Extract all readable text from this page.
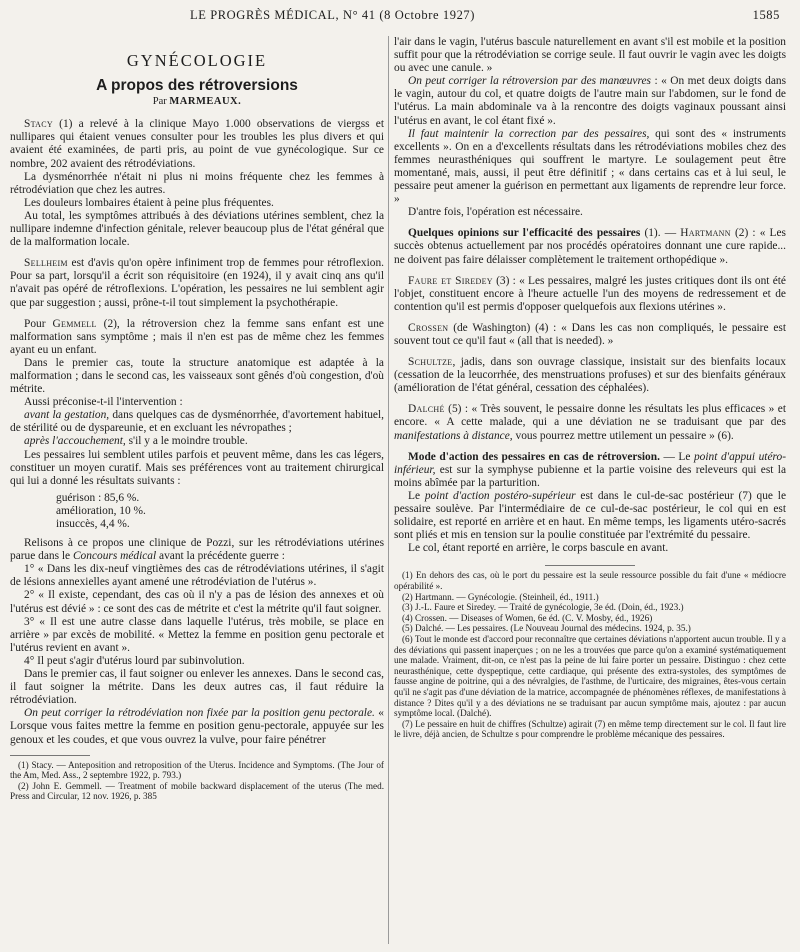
LE PROGRÈS MÉDICAL, N° 41 (8 Octobre 1927)	1585
GYNÉCOLOGIE
A propos des rétroversions
Par MARMEAUX.

Stacy (1) a relevé à la clinique Mayo 1.000 observations de viergss et nullipares qui étaient venues consulter pour les troubles les plus divers et qui avaient été examinées, de parti pris, au point de vue gynécologique. Sur ce nombre, 202 avaient des rétrodéviations.

La dysménorrhée n'était ni plus ni moins fréquente chez les femmes à rétrodéviation que chez les autres.

Les douleurs lombaires étaient à peine plus fréquentes.

Au total, les symptômes attribués à des déviations utérines semblent, chez la nullipare indemne d'infection génitale, relever beaucoup plus de l'état général que de la malformation locale.

Sellheim est d'avis qu'on opère infiniment trop de femmes pour rétroflexion. Pour sa part, lorsqu'il a écrit son réquisitoire (en 1924), il y avait cinq ans qu'il n'avait pas opéré de rétroflexions. L'opération, les pessaires ne lui semblent agir que par suggestion ; aussi, prône-t-il tout simplement la psychothérapie.

Pour Gemmell (2), la rétroversion chez la femme sans enfant est une malformation sans symptôme ; mais il n'en est pas de même chez les femmes ayant eu un enfant.

Dans le premier cas, toute la structure anatomique est adaptée à la malformation ; dans le second cas, les vaisseaux sont gênés d'où congestion, d'où métrite.

Aussi préconise-t-il l'intervention :

avant la gestation, dans quelques cas de dysménorrhée, d'avortement habituel, de stérilité ou de dyspareunie, et en excluant les névropathes ;

après l'accouchement, s'il y a le moindre trouble.

Les pessaires lui semblent utiles parfois et peuvent même, dans les cas légers, constituer un moyen curatif. Mais ses préférences vont au traitement chirurgical qui lui a donné les résultats suivants :

guérison : 85,6 %.
amélioration, 10 %.
insuccès, 4,4 %.

Relisons à ce propos une clinique de Pozzi, sur les rétrodéviations utérines parue dans le Concours médical avant la précédente guerre :

1° « Dans les dix-neuf vingtièmes des cas de rétrodéviations utérines, il s'agit de lésions annexielles ayant amené une rétrodéviation de l'utérus ».

2° « Il existe, cependant, des cas où il n'y a pas de lésion des annexes et où l'utérus est dévié » : ce sont des cas de métrite et c'est la métrite qu'il faut soigner.

3° « Il est une autre classe dans laquelle l'utérus, très mobile, se place en arrière » par excès de mobilité. « Mettez la femme en position genu pectorale et l'utérus revient en avant ».

4° Il peut s'agir d'utérus lourd par subinvolution.

Dans le premier cas, il faut soigner ou enlever les annexes. Dans le second cas, il faut soigner la métrite. Dans les deux autres cas, il faut réduire la rétrodéviation.

On peut corriger la rétrodéviation non fixée par la position genu pectorale. « Lorsque vous faites mettre la femme en position genu-pectorale, appuyée sur les genoux et les coudes, et que vous ouvrez la vulve, pour faire pénétrer

(1) Stacy. — Anteposition and retroposition of the Uterus. Incidence and Symptoms. (The Jour of the Am, Med. Ass., 2 septembre 1922, p. 793.)

(2) John E. Gemmell. — Treatment of mobile backward displacement of the uterus (The med. Press and Circular, 12 nov. 1926, p. 385

l'air dans le vagin, l'utérus bascule naturellement en avant s'il est mobile et la position suffit pour que la rétrodéviation se corrige seule. Il faut ouvrir le vagin avec les doigts ou avec une canule. »

On peut corriger la rétroversion par des manœuvres : « On met deux doigts dans le vagin, autour du col, et quatre doigts de l'autre main sur l'abdomen, sur le fond de l'utérus. La main abdominale va à la rencontre des doigts vaginaux poussant ainsi l'utérus en avant, le col étant fixé ».

Il faut maintenir la correction par des pessaires, qui sont des « instruments excellents ». On en a d'excellents résultats dans les rétrodéviations mobiles chez des femmes neurasthéniques qui souffrent le martyre. Le soulagement peut être momentané, mais, aussi, il peut être définitif ; « dans certains cas et à lui seul, le pessaire peut amener la guérison en permettant aux ligaments de reprendre leur force. »

D'antre fois, l'opération est nécessaire.

Quelques opinions sur l'efficacité des pessaires (1). — Hartmann (2) : « Les succès obtenus actuellement par nos procédés opératoires donnant une cure rapide... ne doivent pas faire délaisser complètement le traitement orthopédique ».

Faure et Siredey (3) : « Les pessaires, malgré les justes critiques dont ils ont été l'objet, constituent encore à l'heure actuelle l'un des moyens de redressement et de contention qu'il est permis d'opposer quelquefois aux flexions utérines ».

Crossen (de Washington) (4) : « Dans les cas non compliqués, le pessaire est souvent tout ce qu'il faut « (all that is needed). »

Schultze, jadis, dans son ouvrage classique, insistait sur des bienfaits locaux (cessation de la leucorrhée, des menstruations profuses) et sur des bienfaits généraux (amélioration de l'état général, cessation des céphalées).

Dalché (5) : « Très souvent, le pessaire donne les résultats les plus efficaces » et encore. « A cette malade, qui a une déviation ne se traduisant que par des manifestations à distance, vous pourrez mettre utilement un pessaire » (6).

Mode d'action des pessaires en cas de rétroversion. — Le point d'appui utéro-inférieur, est sur la symphyse pubienne et la partie voisine des releveurs qui est la moins abîmée par la parturition.

Le point d'action postéro-supérieur est dans le cul-de-sac postérieur (7) que le pessaire soulève. Par l'intermédiaire de ce cul-de-sac postérieur, le col qui en est solidaire, est reporté en arrière et en haut. En même temps, les ligaments utéro-sacrés sont pliés et mis en tension sur la poulie constituée par l'extrémité du pessaire.

Le col, étant reporté en arrière, le corps bascule en avant.

(1) En dehors des cas, où le port du pessaire est la seule ressource possible du fait d'une « médiocre opérabilité ».

(2) Hartmann. — Gynécologie. (Steinheil, éd., 1911.)

(3) J.-L. Faure et Siredey. — Traité de gynécologie, 3e éd. (Doin, éd., 1923.)

(4) Crossen. — Diseases of Women, 6e éd. (C. V. Mosby, éd., 1926)

(5) Dalché. — Les pessaires. (Le Nouveau Journal des médecins. 1924, p. 35.)

(6) Tout le monde est d'accord pour reconnaître que certaines déviations n'apportent aucun trouble. Il y a des déviations qui passent inaperçues ; on ne les a trouvées que parce qu'on a examiné systématiquement une malade. Vraiment, dit-on, ce n'est pas la peine de lui faire porter un pessaire. Distinguo : chez cette neurasthénique, cette dyspeptique, cette cardiaque, qui présente des extra-systoles, des symptômes de fausse angine de poitrine, qui a des névralgies, de l'asthme, de l'urticaire, des migraines, êtes-vous certain qu'il ne s'agit pas d'une déviation de la matrice, accompagnée de phénomènes réflexes, de manifestations à distance ? Dites qu'il y a des déviations ne se traduisant par aucun symptôme mais, ajoutez : par aucun symptôme local. (Dalché).

(7) Le pessaire en huit de chiffres (Schultze) agirait (7) en même temp directement sur le col. Il faut lire le livre, déjà ancien, de Schultze s pour comprendre le problème mécanique des pessaires.
